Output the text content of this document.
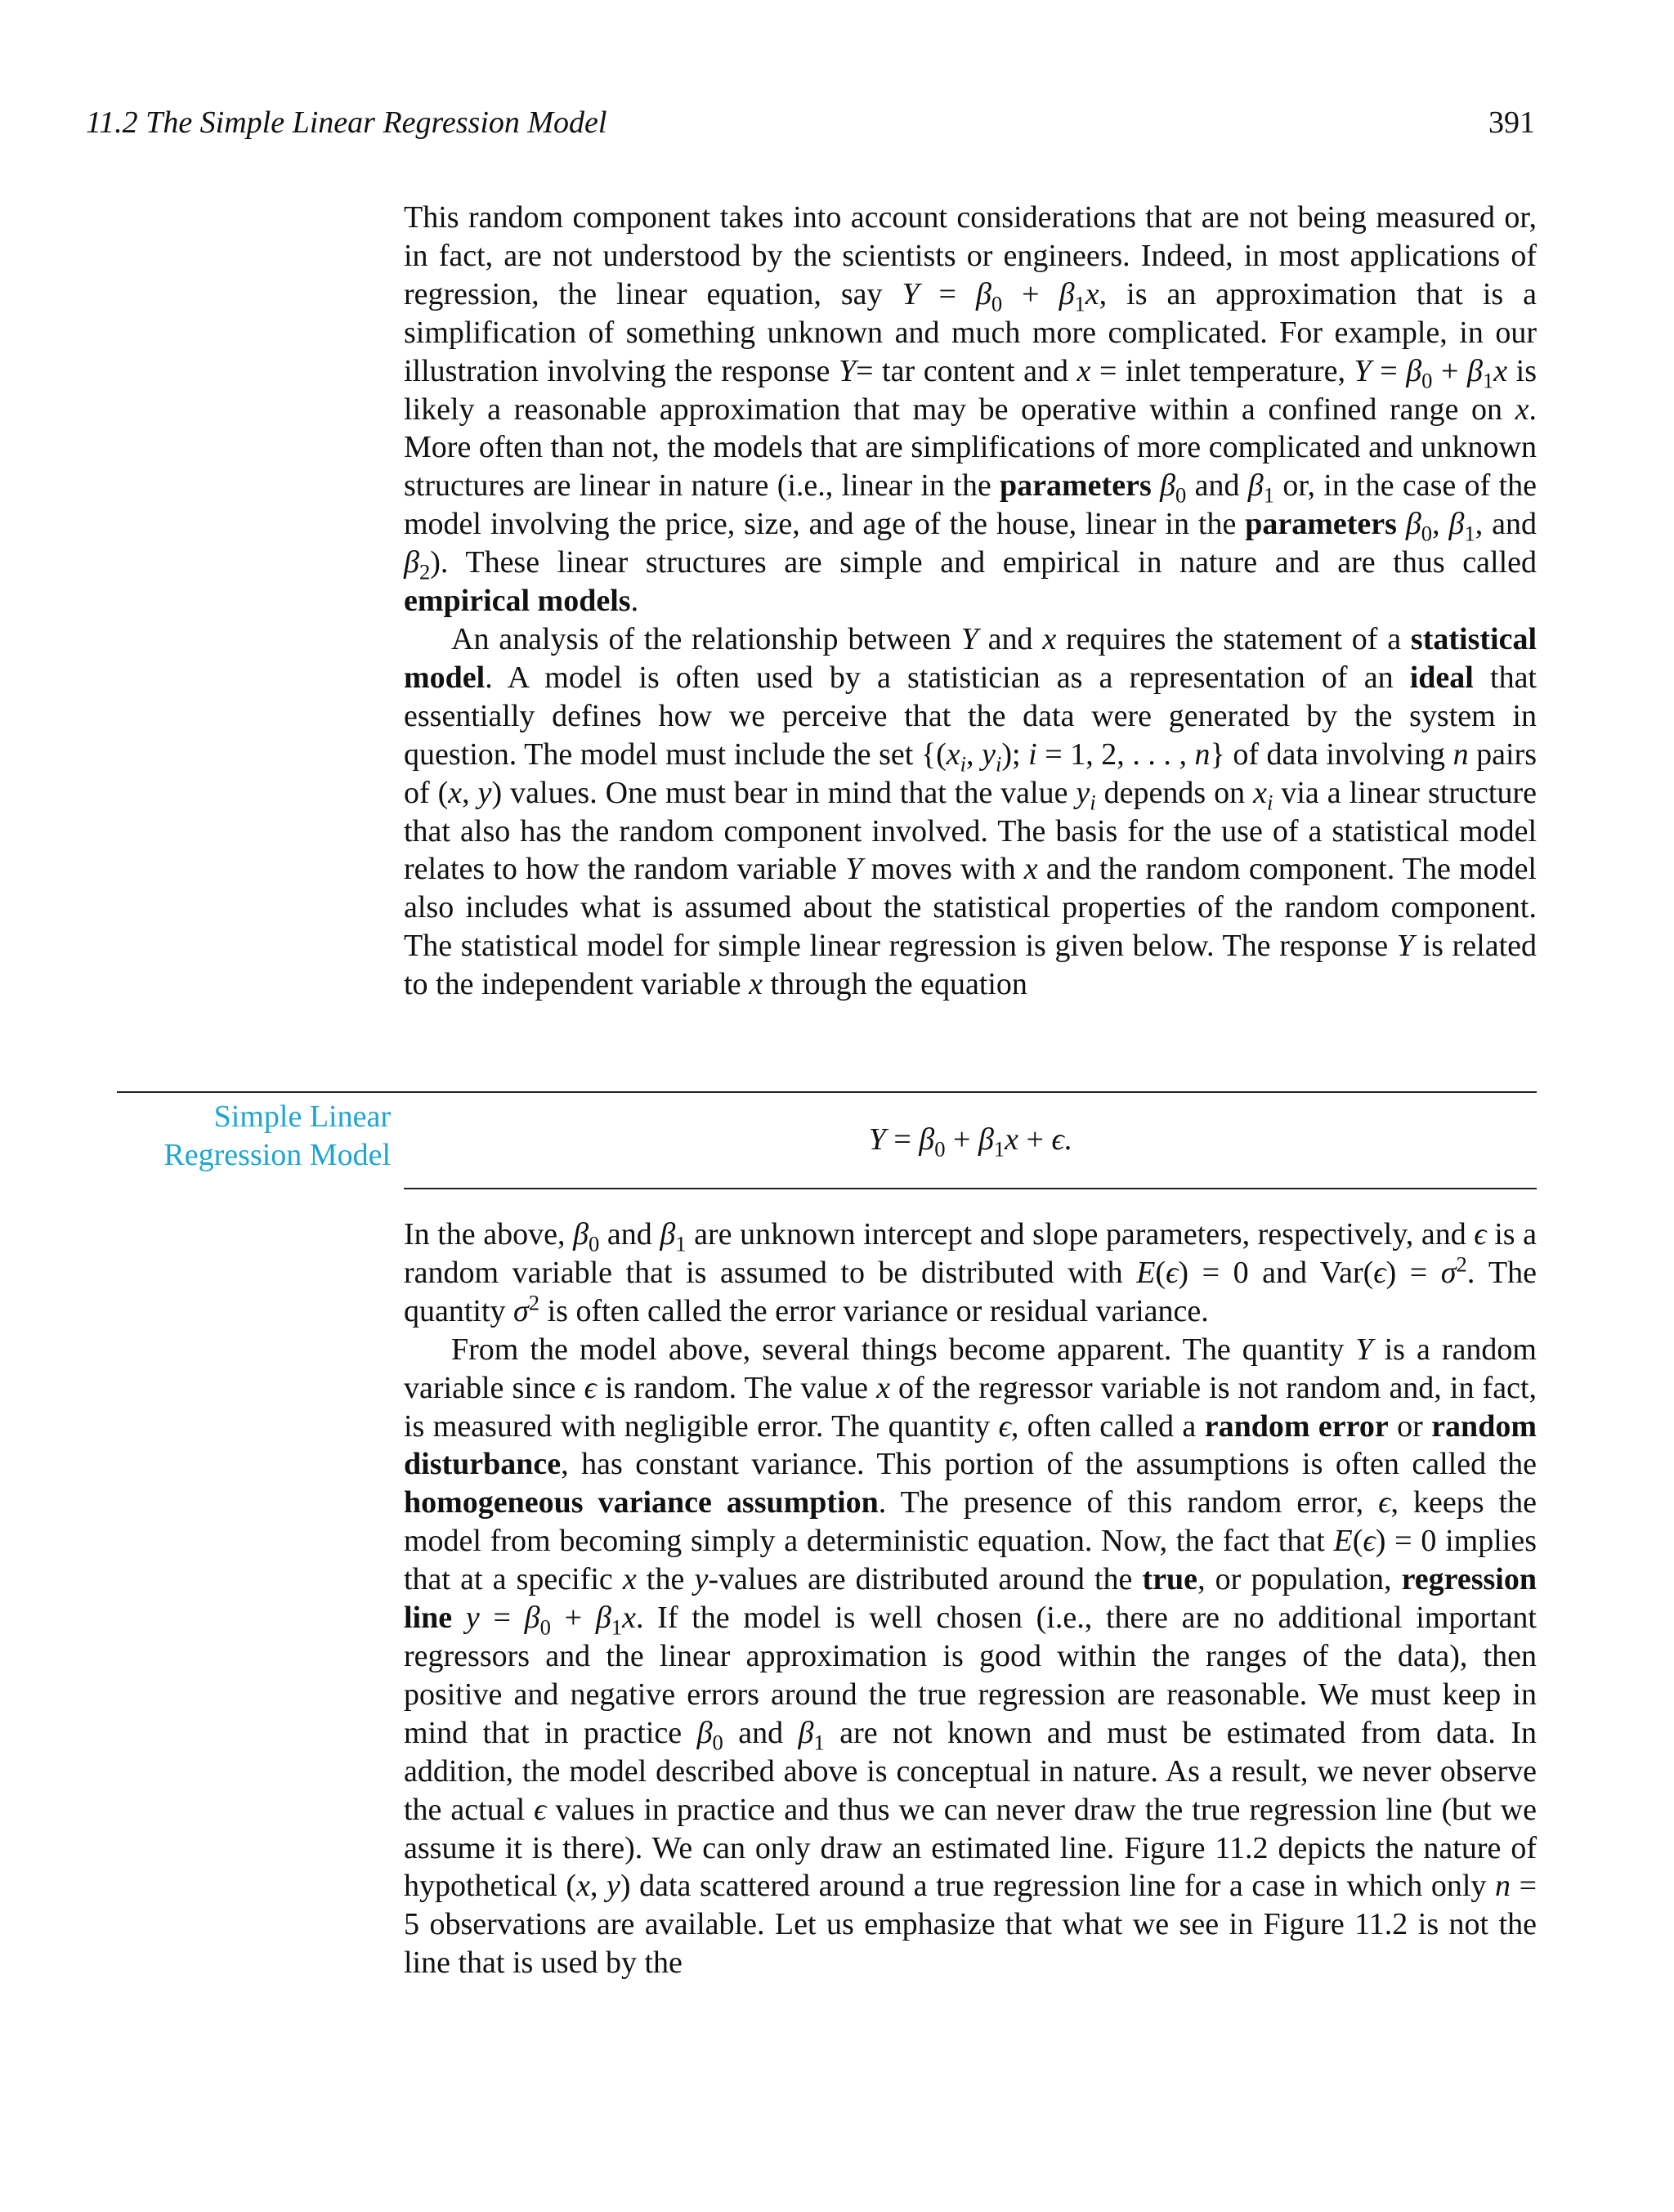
11.2 The Simple Linear Regression Model	391

This random component takes into account considerations that are not being measured or, in fact, are not understood by the scientists or engineers. Indeed, in most applications of regression, the linear equation, say $Y = \beta_0 + \beta_1x$, is an approximation that is a simplification of something unknown and much more complicated. For example, in our illustration involving the response Y= tar content and x = inlet temperature, $Y = \beta_0 + \beta_1x$ is likely a reasonable approximation that may be operative within a confined range on x. More often than not, the models that are simplifications of more complicated and unknown structures are linear in nature (i.e., linear in the parameters $\beta_0$ and $\beta_1$ or, in the case of the model involving the price, size, and age of the house, linear in the parameters $\beta_0$, $\beta_1$, and $\beta_2$). These linear structures are simple and empirical in nature and are thus called empirical models.

An analysis of the relationship between Y and x requires the statement of a statistical model. A model is often used by a statistician as a representation of an ideal that essentially defines how we perceive that the data were generated by the system in question. The model must include the set {($x_i$, $y_i$); i = 1, 2, . . . , n} of data involving n pairs of (x, y) values. One must bear in mind that the value $y_i$ depends on $x_i$ via a linear structure that also has the random component involved. The basis for the use of a statistical model relates to how the random variable Y moves with x and the random component. The model also includes what is assumed about the statistical properties of the random component. The statistical model for simple linear regression is given below. The response Y is related to the independent variable x through the equation

Simple Linear
Regression Model	$Y = \beta_0 + \beta_1x + \epsilon$.

In the above, $\beta_0$ and $\beta_1$ are unknown intercept and slope parameters, respectively, and ϵ is a random variable that is assumed to be distributed with E(ϵ) = 0 and $Var(\epsilon) = \sigma^2$. The quantity $\sigma^2$ is often called the error variance or residual variance.

From the model above, several things become apparent. The quantity Y is a random variable since ϵ is random. The value x of the regressor variable is not random and, in fact, is measured with negligible error. The quantity ϵ, often called a random error or random disturbance, has constant variance. This portion of the assumptions is often called the homogeneous variance assumption. The presence of this random error, ϵ, keeps the model from becoming simply a deterministic equation. Now, the fact that E(ϵ) = 0 implies that at a specific x the y-values are distributed around the true, or population, regression line $y = \beta_0 + \beta_1x$. If the model is well chosen (i.e., there are no additional important regressors and the linear approximation is good within the ranges of the data), then positive and negative errors around the true regression are reasonable. We must keep in mind that in practice $\beta_0$ and $\beta_1$ are not known and must be estimated from data. In addition, the model described above is conceptual in nature. As a result, we never observe the actual ϵ values in practice and thus we can never draw the true regression line (but we assume it is there). We can only draw an estimated line. Figure 11.2 depicts the nature of hypothetical (x, y) data scattered around a true regression line for a case in which only n = 5 observations are available. Let us emphasize that what we see in Figure 11.2 is not the line that is used by the
